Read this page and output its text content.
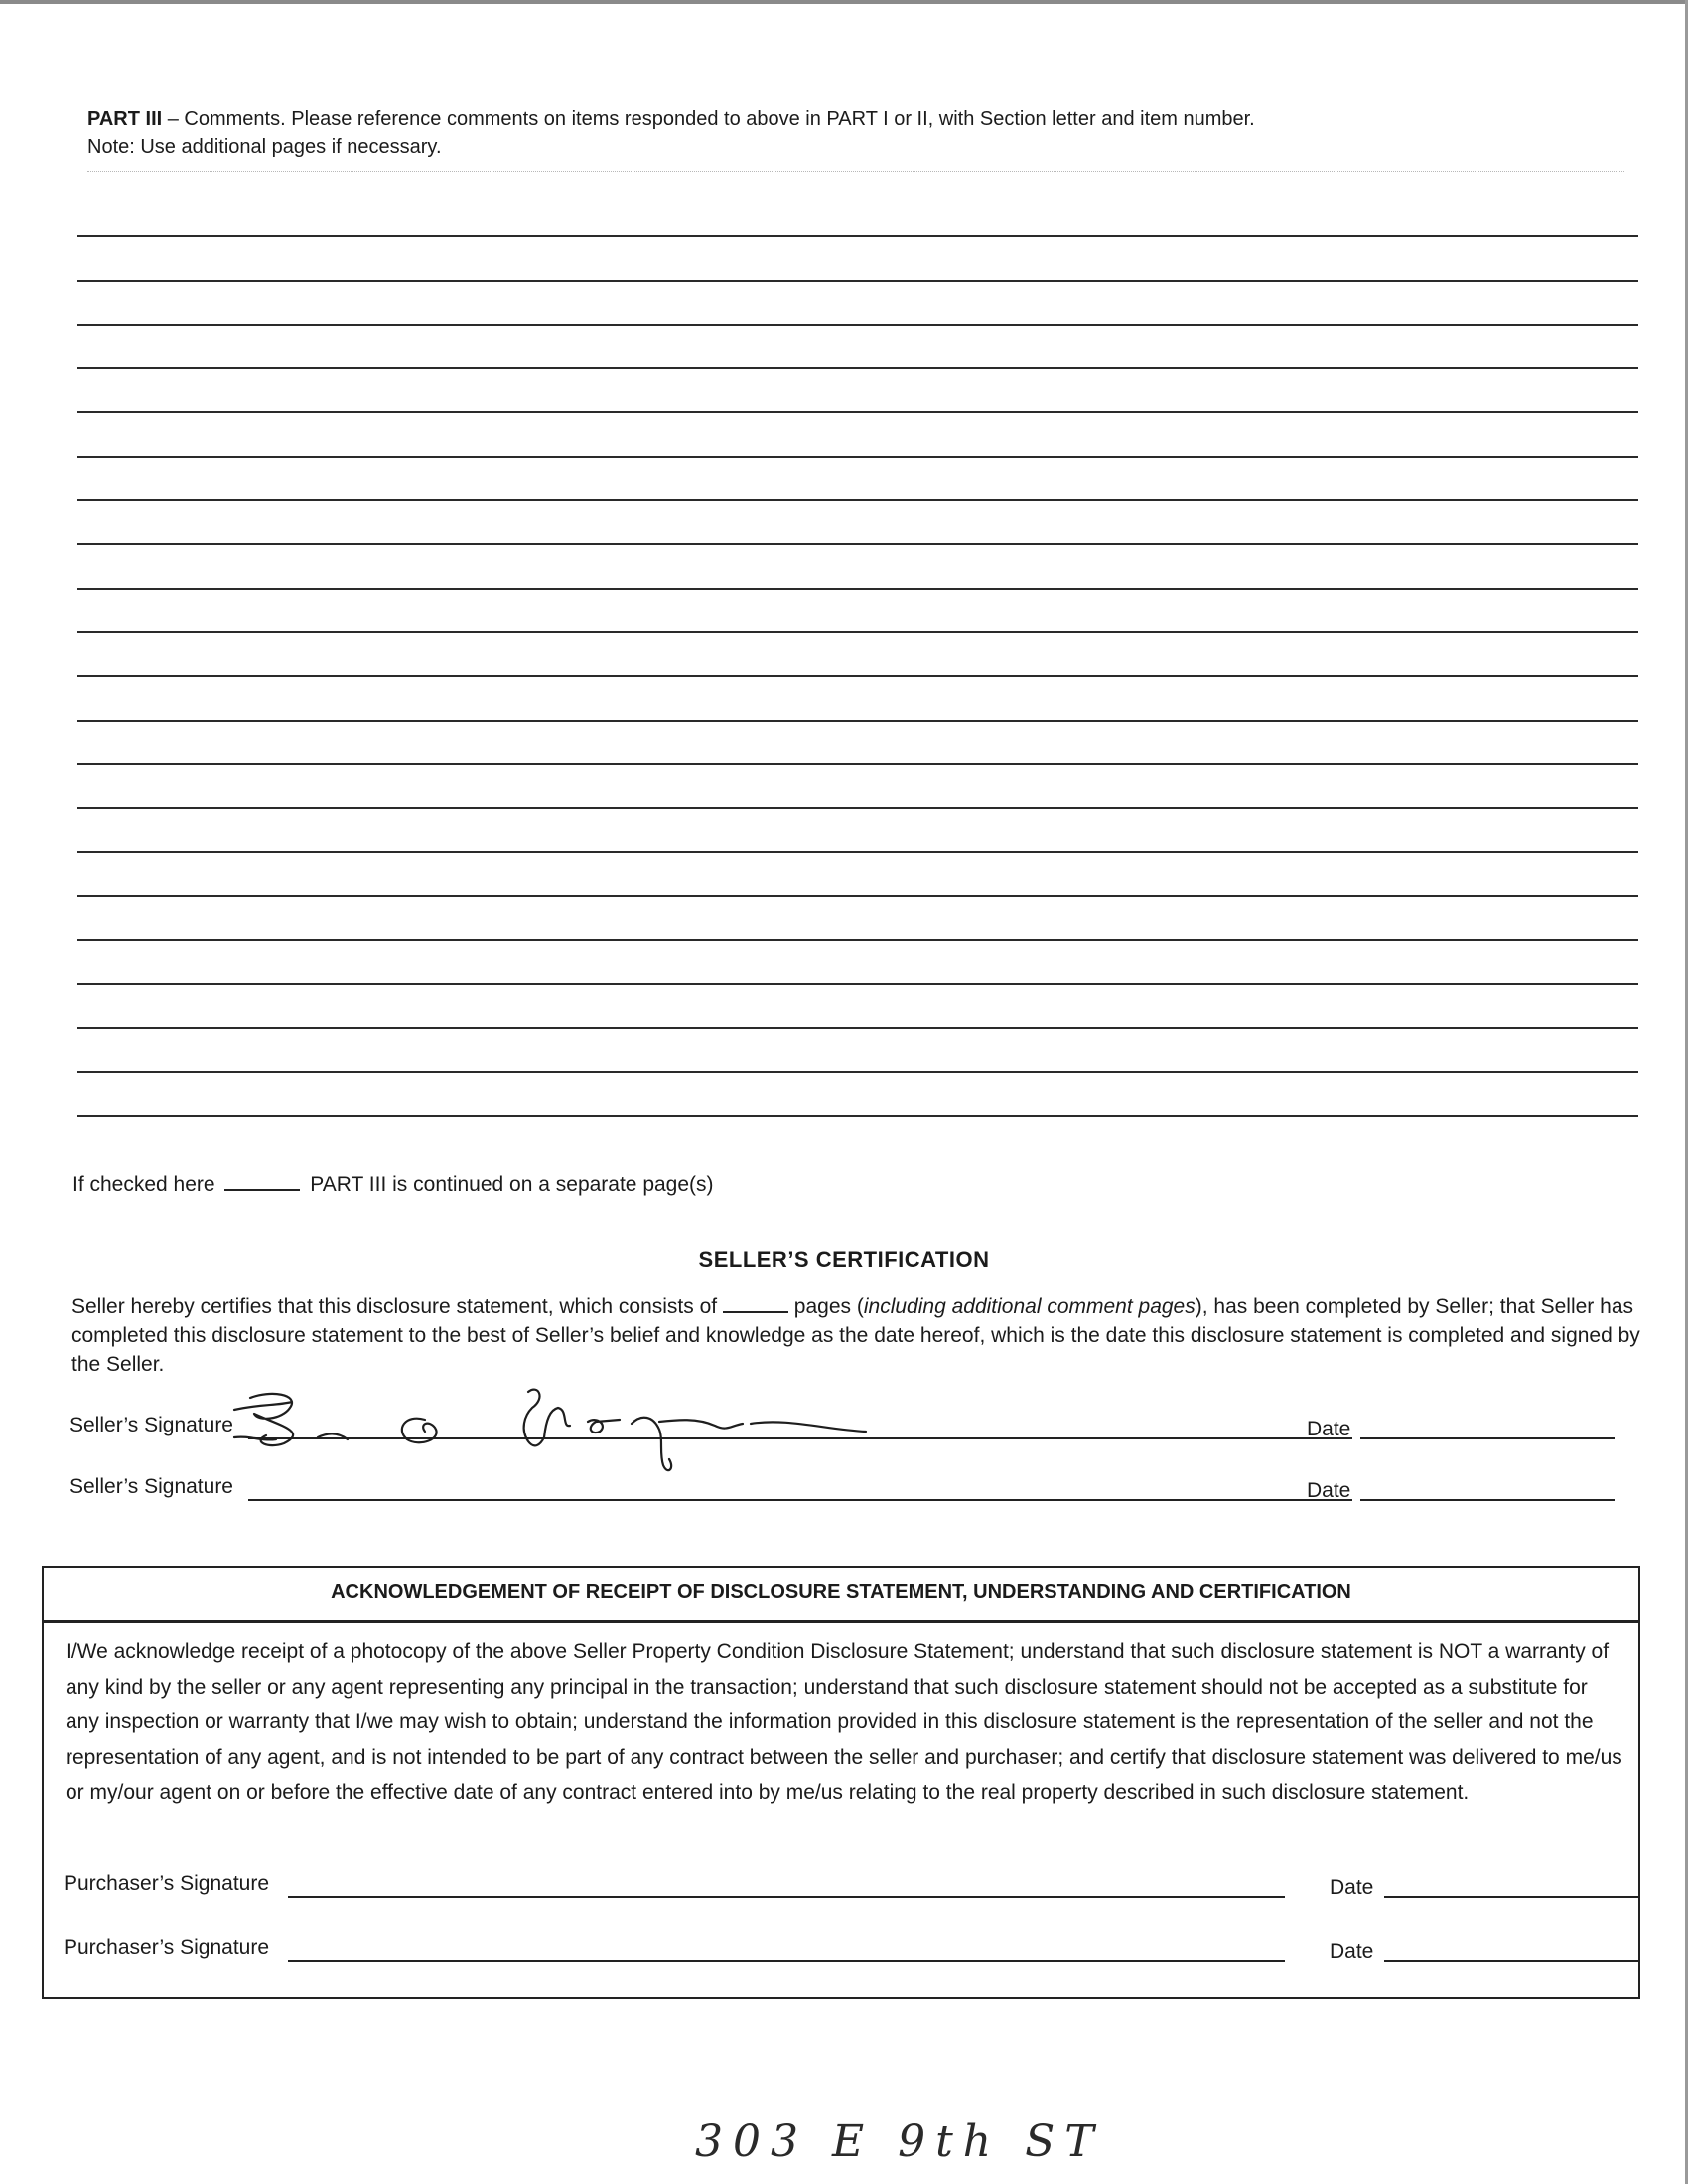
PART III – Comments. Please reference comments on items responded to above in PART I or II, with Section letter and item number.
Note: Use additional pages if necessary.
If checked here	PART III is continued on a separate page(s)
SELLER’S CERTIFICATION
Seller hereby certifies that this disclosure statement, which consists of	pages (including additional comment pages), has been completed by Seller; that Seller has completed this disclosure statement to the best of Seller’s belief and knowledge as the date hereof, which is the date this disclosure statement is completed and signed by the Seller.
Seller’s Signature	Date
Seller’s Signature	Date
ACKNOWLEDGEMENT OF RECEIPT OF DISCLOSURE STATEMENT, UNDERSTANDING AND CERTIFICATION
I/We acknowledge receipt of a photocopy of the above Seller Property Condition Disclosure Statement; understand that such disclosure statement is NOT a warranty of any kind by the seller or any agent representing any principal in the transaction; understand that such disclosure statement should not be accepted as a substitute for any inspection or warranty that I/we may wish to obtain; understand the information provided in this disclosure statement is the representation of the seller and not the representation of any agent, and is not intended to be part of any contract between the seller and purchaser; and certify that disclosure statement was delivered to me/us or my/our agent on or before the effective date of any contract entered into by me/us relating to the real property described in such disclosure statement.
Purchaser’s Signature	Date
Purchaser’s Signature	Date
303 E 9th ST
